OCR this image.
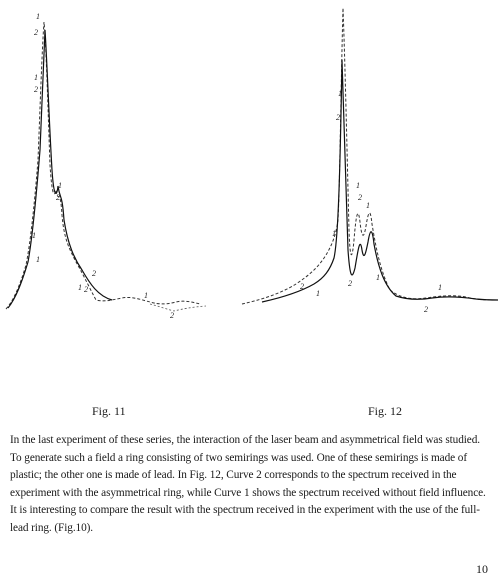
1
2
1
2
1
2
1
1
2
1 2
1
2
1
2
1
2
1
2
1
1
2
1
1
2
Fig. 11	Fig. 12

In the last experiment of these series, the interaction of the laser beam and asymmetrical field was studied. To generate such a field a ring consisting of two semirings was used. One of these semirings is made of plastic; the other one is made of lead. In Fig. 12, Curve 2 corresponds to the spectrum received in the experiment with the asymmetrical ring, while Curve 1 shows the spectrum received without field influence. It is interesting to compare the result with the spectrum received in the experiment with the use of the full-lead ring. (Fig.10).

10
